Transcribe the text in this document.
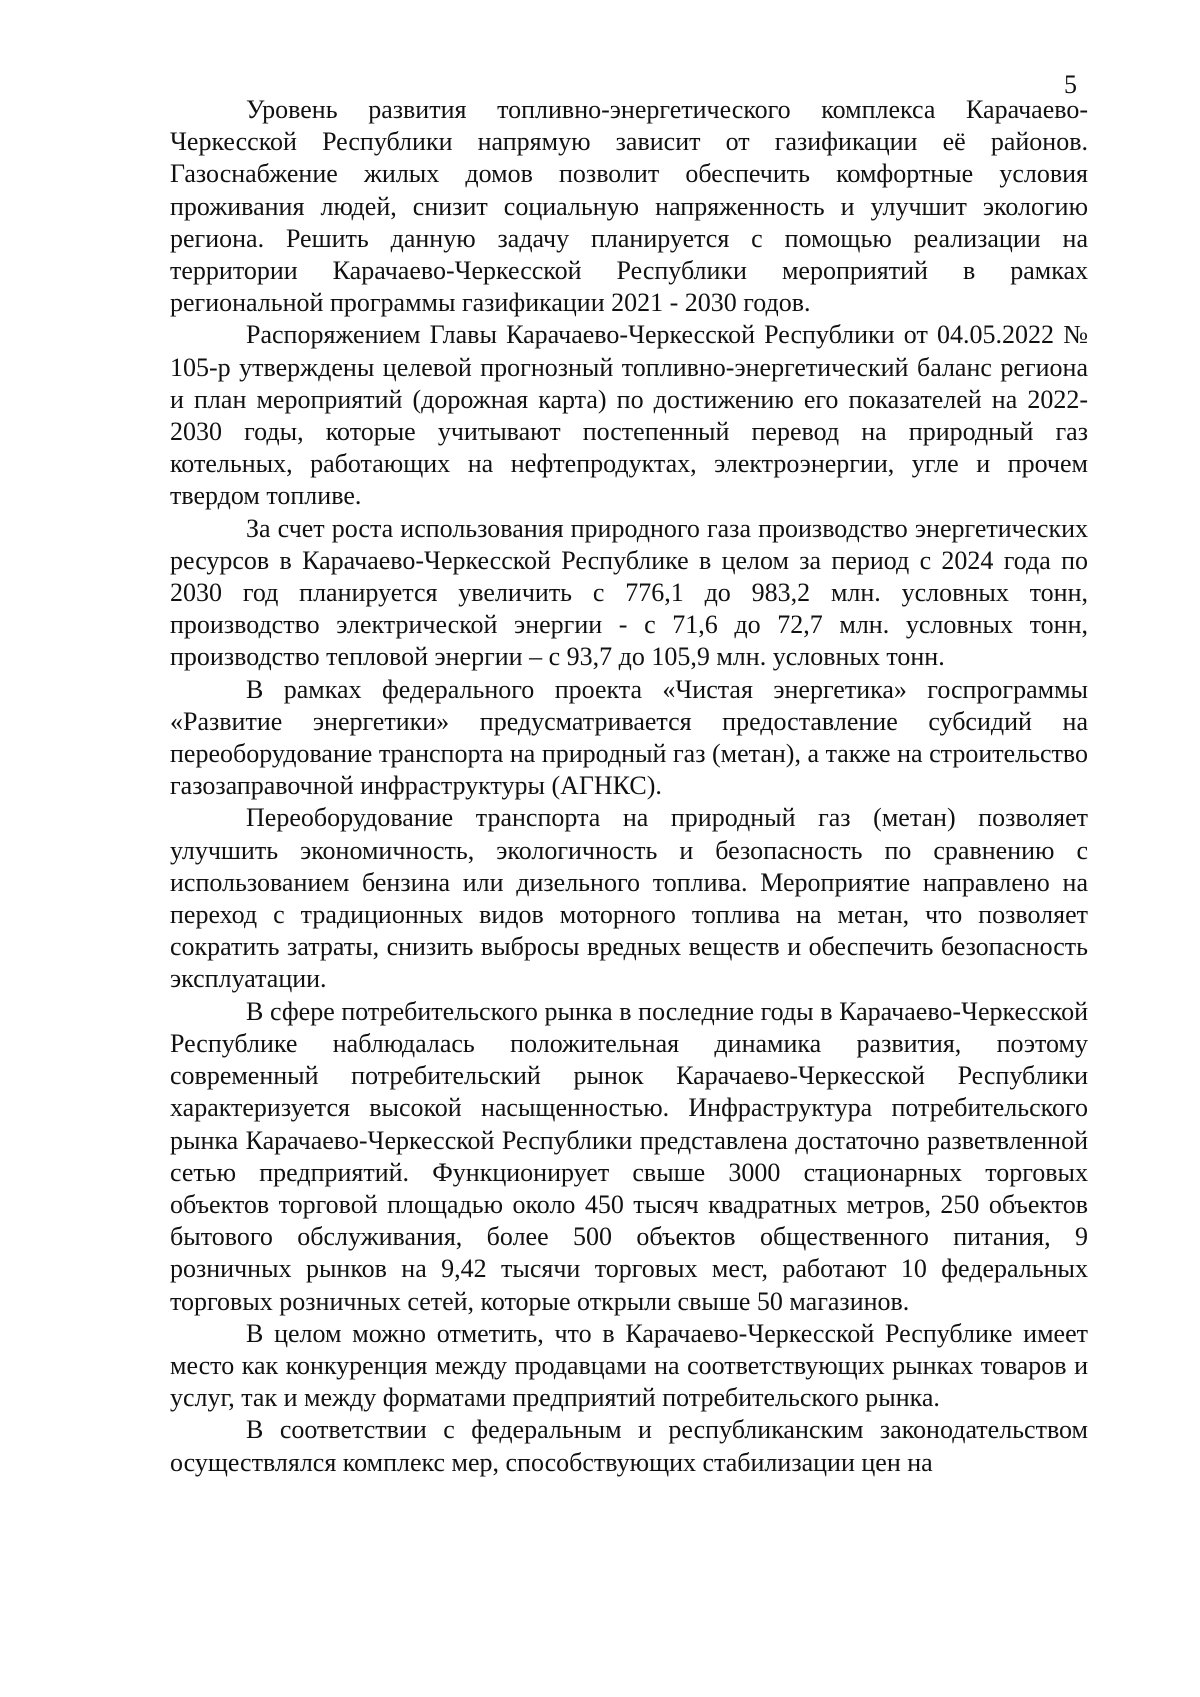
5

Уровень развития топливно-энергетического комплекса Карачаево-Черкесской Республики напрямую зависит от газификации её районов. Газоснабжение жилых домов позволит обеспечить комфортные условия проживания людей, снизит социальную напряженность и улучшит экологию региона. Решить данную задачу планируется с помощью реализации на территории Карачаево-Черкесской Республики мероприятий в рамках региональной программы газификации 2021 - 2030 годов.

Распоряжением Главы Карачаево-Черкесской Республики от 04.05.2022 № 105-р утверждены целевой прогнозный топливно-энергетический баланс региона и план мероприятий (дорожная карта) по достижению его показателей на 2022-2030 годы, которые учитывают постепенный перевод на природный газ котельных, работающих на нефтепродуктах, электроэнергии, угле и прочем твердом топливе.

За счет роста использования природного газа производство энергетических ресурсов в Карачаево-Черкесской Республике в целом за период с 2024 года по 2030 год планируется увеличить с 776,1 до 983,2 млн. условных тонн, производство электрической энергии - с 71,6 до 72,7 млн. условных тонн, производство тепловой энергии – с 93,7 до 105,9 млн. условных тонн.

В рамках федерального проекта «Чистая энергетика» госпрограммы «Развитие энергетики» предусматривается предоставление субсидий на переоборудование транспорта на природный газ (метан), а также на строительство газозаправочной инфраструктуры (АГНКС).

Переоборудование транспорта на природный газ (метан) позволяет улучшить экономичность, экологичность и безопасность по сравнению с использованием бензина или дизельного топлива. Мероприятие направлено на переход с традиционных видов моторного топлива на метан, что позволяет сократить затраты, снизить выбросы вредных веществ и обеспечить безопасность эксплуатации.

В сфере потребительского рынка в последние годы в Карачаево-Черкесской Республике наблюдалась положительная динамика развития, поэтому современный потребительский рынок Карачаево-Черкесской Республики характеризуется высокой насыщенностью. Инфраструктура потребительского рынка Карачаево-Черкесской Республики представлена достаточно разветвленной сетью предприятий. Функционирует свыше 3000 стационарных торговых объектов торговой площадью около 450 тысяч квадратных метров, 250 объектов бытового обслуживания, более 500 объектов общественного питания, 9 розничных рынков на 9,42 тысячи торговых мест, работают 10 федеральных торговых розничных сетей, которые открыли свыше 50 магазинов.

В целом можно отметить, что в Карачаево-Черкесской Республике имеет место как конкуренция между продавцами на соответствующих рынках товаров и услуг, так и между форматами предприятий потребительского рынка.

В соответствии с федеральным и республиканским законодательством осуществлялся комплекс мер, способствующих стабилизации цен на
